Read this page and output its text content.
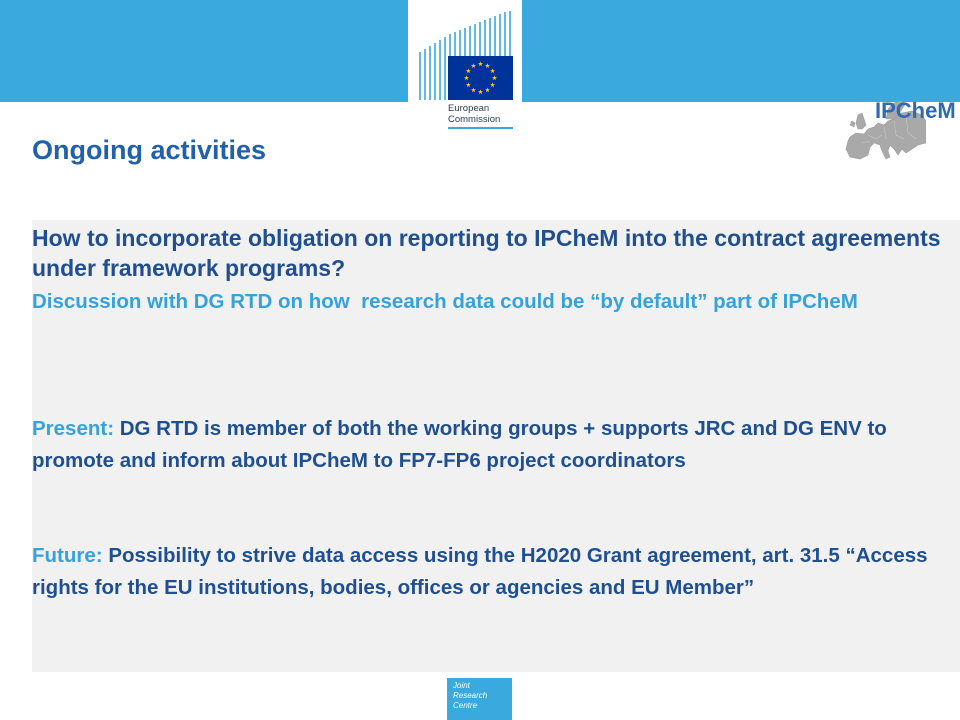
European
Commission	IPCheM
Ongoing activities
How to incorporate obligation on reporting to IPCheM into the contract agreements
under framework programs?
Discussion with DG RTD on how  research data could be “by default” part of IPCheM
Present: DG RTD is member of both the working groups + supports JRC and DG ENV to
promote and inform about IPCheM to FP7-FP6 project coordinators
Future: Possibility to strive data access using the H2020 Grant agreement, art. 31.5 “Access
rights for the EU institutions, bodies, offices or agencies and EU Member”
Joint
Research
Centre
